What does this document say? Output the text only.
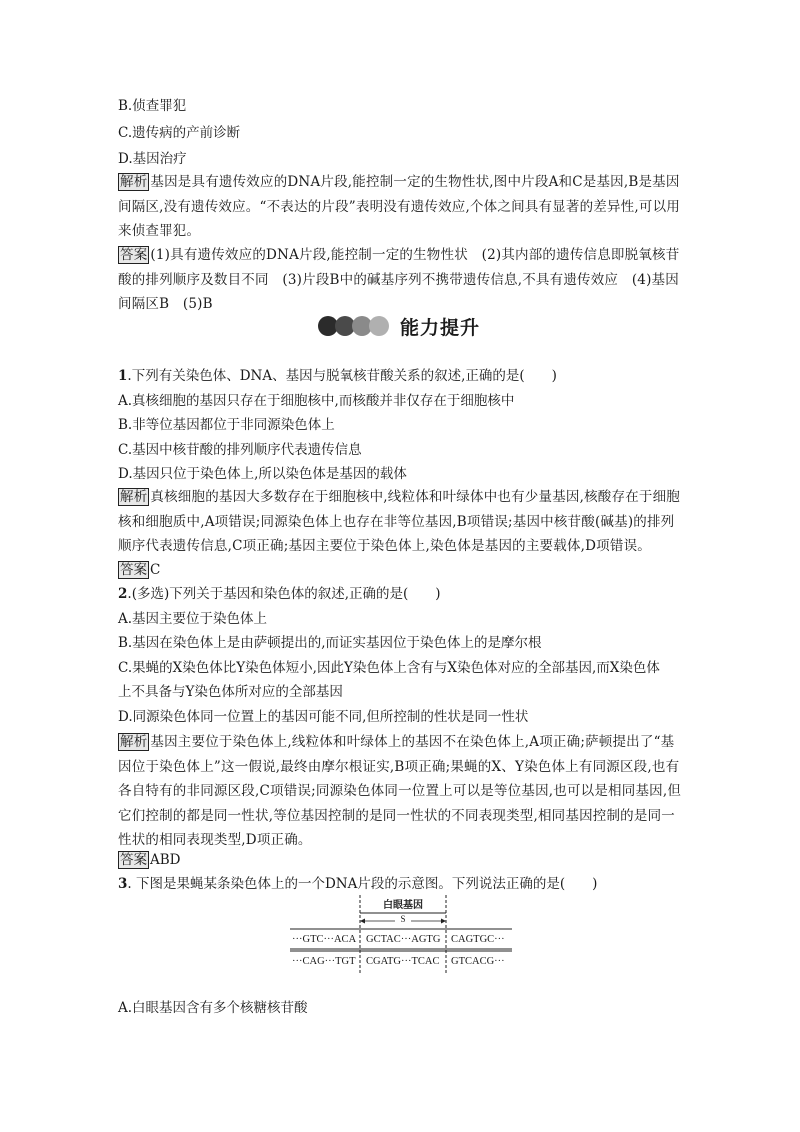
B.侦查罪犯

C.遗传病的产前诊断

D.基因治疗

解析 基因是具有遗传效应的DNA片段,能控制一定的生物性状,图中片段A和C是基因,B是基因间隔区,没有遗传效应。“不表达的片段”表明没有遗传效应,个体之间具有显著的差异性,可以用来侦查罪犯。
答案 (1)具有遗传效应的DNA片段,能控制一定的生物性状　(2)其内部的遗传信息即脱氧核苷酸的排列顺序及数目不同　(3)片段B中的碱基序列不携带遗传信息,不具有遗传效应　(4)基因间隔区B　(5)B
能力提升

1.下列有关染色体、DNA、基因与脱氧核苷酸关系的叙述,正确的是(　　)

A.真核细胞的基因只存在于细胞核中,而核酸并非仅存在于细胞核中

B.非等位基因都位于非同源染色体上

C.基因中核苷酸的排列顺序代表遗传信息

D.基因只位于染色体上,所以染色体是基因的载体

解析 真核细胞的基因大多数存在于细胞核中,线粒体和叶绿体中也有少量基因,核酸存在于细胞核和细胞质中,A项错误;同源染色体上也存在非等位基因,B项错误;基因中核苷酸(碱基)的排列顺序代表遗传信息,C项正确;基因主要位于染色体上,染色体是基因的主要载体,D项错误。
答案 C

2.(多选)下列关于基因和染色体的叙述,正确的是(　　)

A.基因主要位于染色体上

B.基因在染色体上是由萨顿提出的,而证实基因位于染色体上的是摩尔根

C.果蝇的X染色体比Y染色体短小,因此Y染色体上含有与X染色体对应的全部基因,而X染色体

上不具备与Y染色体所对应的全部基因

D.同源染色体同一位置上的基因可能不同,但所控制的性状是同一性状

解析 基因主要位于染色体上,线粒体和叶绿体上的基因不在染色体上,A项正确;萨顿提出了“基因位于染色体上”这一假说,最终由摩尔根证实,B项正确;果蝇的X、Y染色体上有同源区段,也有各自特有的非同源区段,C项错误;同源染色体同一位置上可以是等位基因,也可以是相同基因,但它们控制的都是同一性状,等位基因控制的是同一性状的不同表现类型,相同基因控制的是同一性状的相同表现类型,D项正确。
答案 ABD

3. 下图是果蝇某条染色体上的一个DNA片段的示意图。下列说法正确的是(　　)

白眼基因
S
···GTC···ACA GCTAC···AGTG CAGTGC···
···CAG···TGT CGATG···TCAC GTCACG···

A.白眼基因含有多个核糖核苷酸
